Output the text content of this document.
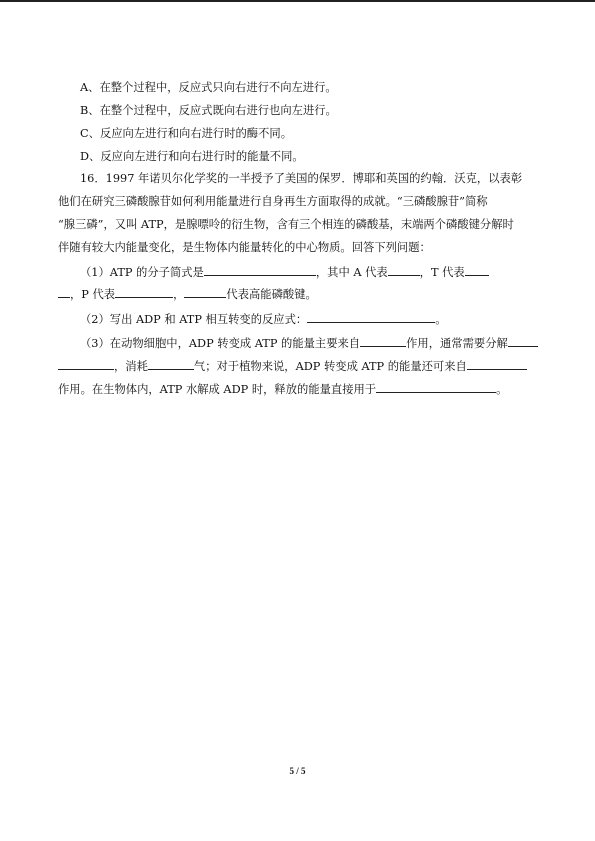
A、在整个过程中，反应式只向右进行不向左进行。
B、在整个过程中，反应式既向右进行也向左进行。
C、反应向左进行和向右进行时的酶不同。
D、反应向左进行和向右进行时的能量不同。
16．1997 年诺贝尔化学奖的一半授予了美国的保罗．博耶和英国的约翰．沃克，以表彰
他们在研究三磷酸腺苷如何利用能量进行自身再生方面取得的成就。“三磷酸腺苷”简称
“腺三磷”，又叫 ATP，是腺嘌呤的衍生物，含有三个相连的磷酸基，末端两个磷酸键分解时
伴随有较大内能量变化，是生物体内能量转化的中心物质。回答下列问题：
（1）ATP 的分子简式是	，其中 A 代表	，T 代表
，P 代表	，	代表高能磷酸键。
（2）写出 ADP 和 ATP 相互转变的反应式：	。
（3）在动物细胞中，ADP 转变成 ATP 的能量主要来自	作用，通常需要分解
，消耗	气；对于植物来说，ADP 转变成 ATP 的能量还可来自
作用。在生物体内，ATP 水解成 ADP 时，释放的能量直接用于	。
5 / 5
